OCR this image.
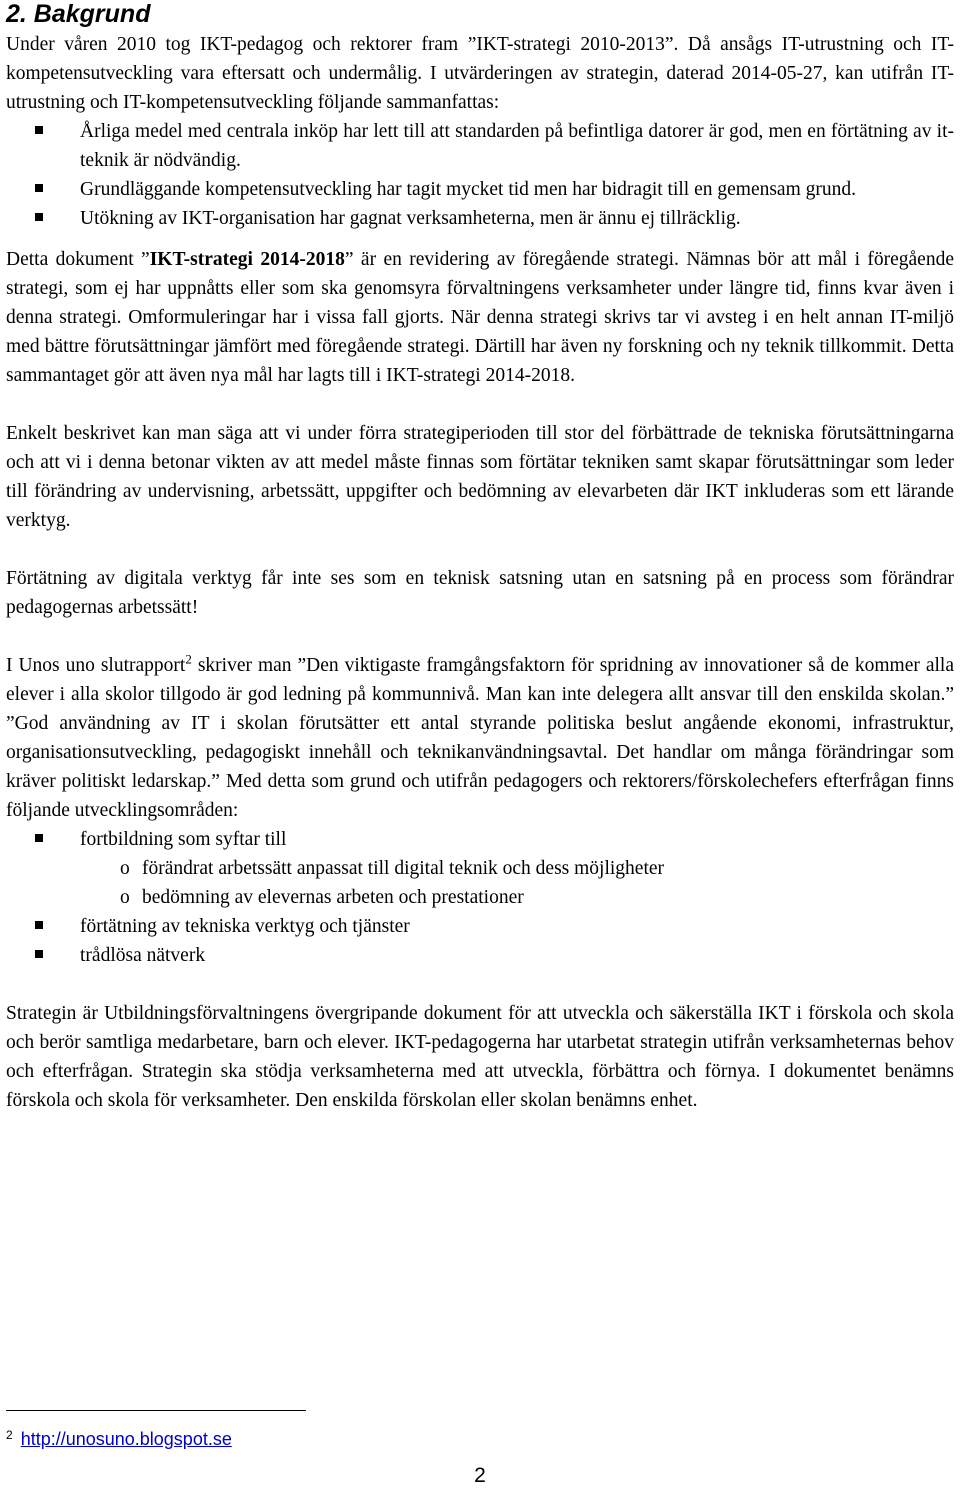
2. Bakgrund

Under våren 2010 tog IKT-pedagog och rektorer fram ”IKT-strategi 2010-2013”. Då ansågs IT-utrustning och IT-kompetensutveckling vara eftersatt och undermålig. I utvärderingen av strategin, daterad 2014-05-27, kan utifrån IT-utrustning och IT-kompetensutveckling följande sammanfattas:

Årliga medel med centrala inköp har lett till att standarden på befintliga datorer är god, men en förtätning av it-teknik är nödvändig.
Grundläggande kompetensutveckling har tagit mycket tid men har bidragit till en gemensam grund.
Utökning av IKT-organisation har gagnat verksamheterna, men är ännu ej tillräcklig.

Detta dokument ”IKT-strategi 2014-2018” är en revidering av föregående strategi. Nämnas bör att mål i föregående strategi, som ej har uppnåtts eller som ska genomsyra förvaltningens verksamheter under längre tid, finns kvar även i denna strategi. Omformuleringar har i vissa fall gjorts. När denna strategi skrivs tar vi avsteg i en helt annan IT-miljö med bättre förutsättningar jämfört med föregående strategi. Därtill har även ny forskning och ny teknik tillkommit. Detta sammantaget gör att även nya mål har lagts till i IKT-strategi 2014-2018.

Enkelt beskrivet kan man säga att vi under förra strategiperioden till stor del förbättrade de tekniska förutsättningarna och att vi i denna betonar vikten av att medel måste finnas som förtätar tekniken samt skapar förutsättningar som leder till förändring av undervisning, arbetssätt, uppgifter och bedömning av elevarbeten där IKT inkluderas som ett lärande verktyg.

Förtätning av digitala verktyg får inte ses som en teknisk satsning utan en satsning på en process som förändrar pedagogernas arbetssätt!

I Unos uno slutrapport$^2$ skriver man ”Den viktigaste framgångsfaktorn för spridning av innovationer så de kommer alla elever i alla skolor tillgodo är god ledning på kommunnivå. Man kan inte delegera allt ansvar till den enskilda skolan.” ”God användning av IT i skolan förutsätter ett antal styrande politiska beslut angående ekonomi, infrastruktur, organisationsutveckling, pedagogiskt innehåll och teknikanvändningsavtal. Det handlar om många förändringar som kräver politiskt ledarskap.” Med detta som grund och utifrån pedagogers och rektorers/förskolechefers efterfrågan finns följande utvecklingsområden:

fortbildning som syftar till
o förändrat arbetssätt anpassat till digital teknik och dess möjligheter
o bedömning av elevernas arbeten och prestationer
förtätning av tekniska verktyg och tjänster
trådlösa nätverk

Strategin är Utbildningsförvaltningens övergripande dokument för att utveckla och säkerställa IKT i förskola och skola och berör samtliga medarbetare, barn och elever. IKT-pedagogerna har utarbetat strategin utifrån verksamheternas behov och efterfrågan. Strategin ska stödja verksamheterna med att utveckla, förbättra och förnya. I dokumentet benämns förskola och skola för verksamheter. Den enskilda förskolan eller skolan benämns enhet.

$^2$ http://unosuno.blogspot.se
2
